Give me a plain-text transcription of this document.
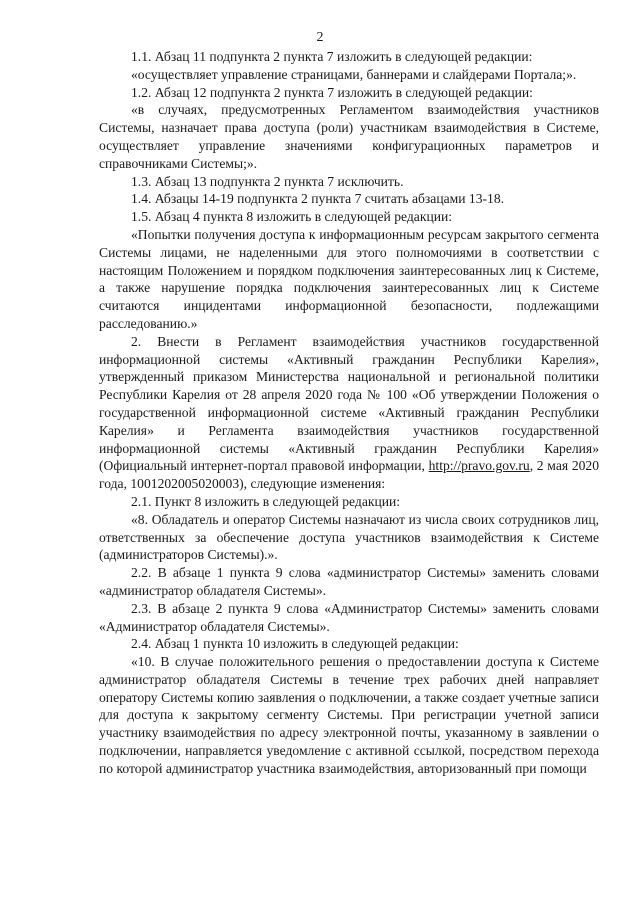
2

1.1. Абзац 11 подпункта 2 пункта 7 изложить в следующей редакции:

«осуществляет управление страницами, баннерами и слайдерами Портала;».

1.2. Абзац 12 подпункта 2 пункта 7 изложить в следующей редакции:

«в случаях, предусмотренных Регламентом взаимодействия участников Системы, назначает права доступа (роли) участникам взаимодействия в Системе, осуществляет управление значениями конфигурационных параметров и справочниками Системы;».

1.3. Абзац 13 подпункта 2 пункта 7 исключить.

1.4. Абзацы 14-19 подпункта 2 пункта 7 считать абзацами 13-18.

1.5. Абзац 4 пункта 8 изложить в следующей редакции:

«Попытки получения доступа к информационным ресурсам закрытого сегмента Системы лицами, не наделенными для этого полномочиями в соответствии с настоящим Положением и порядком подключения заинтересованных лиц к Системе, а также нарушение порядка подключения заинтересованных лиц к Системе считаются инцидентами информационной безопасности, подлежащими расследованию.»

2. Внести в Регламент взаимодействия участников государственной информационной системы «Активный гражданин Республики Карелия», утвержденный приказом Министерства национальной и региональной политики Республики Карелия от 28 апреля 2020 года № 100 «Об утверждении Положения о государственной информационной системе «Активный гражданин Республики Карелия» и Регламента взаимодействия участников государственной информационной системы «Активный гражданин Республики Карелия» (Официальный интернет-портал правовой информации, http://pravo.gov.ru, 2 мая 2020 года, 1001202005020003), следующие изменения:

2.1. Пункт 8 изложить в следующей редакции:

«8. Обладатель и оператор Системы назначают из числа своих сотрудников лиц, ответственных за обеспечение доступа участников взаимодействия к Системе (администраторов Системы).».

2.2. В абзаце 1 пункта 9 слова «администратор Системы» заменить словами «администратор обладателя Системы».

2.3. В абзаце 2 пункта 9 слова «Администратор Системы» заменить словами «Администратор обладателя Системы».

2.4. Абзац 1 пункта 10 изложить в следующей редакции:

«10. В случае положительного решения о предоставлении доступа к Системе администратор обладателя Системы в течение трех рабочих дней направляет оператору Системы копию заявления о подключении, а также создает учетные записи для доступа к закрытому сегменту Системы. При регистрации учетной записи участнику взаимодействия по адресу электронной почты, указанному в заявлении о подключении, направляется уведомление с активной ссылкой, посредством перехода по которой администратор участника взаимодействия, авторизованный при помощи
